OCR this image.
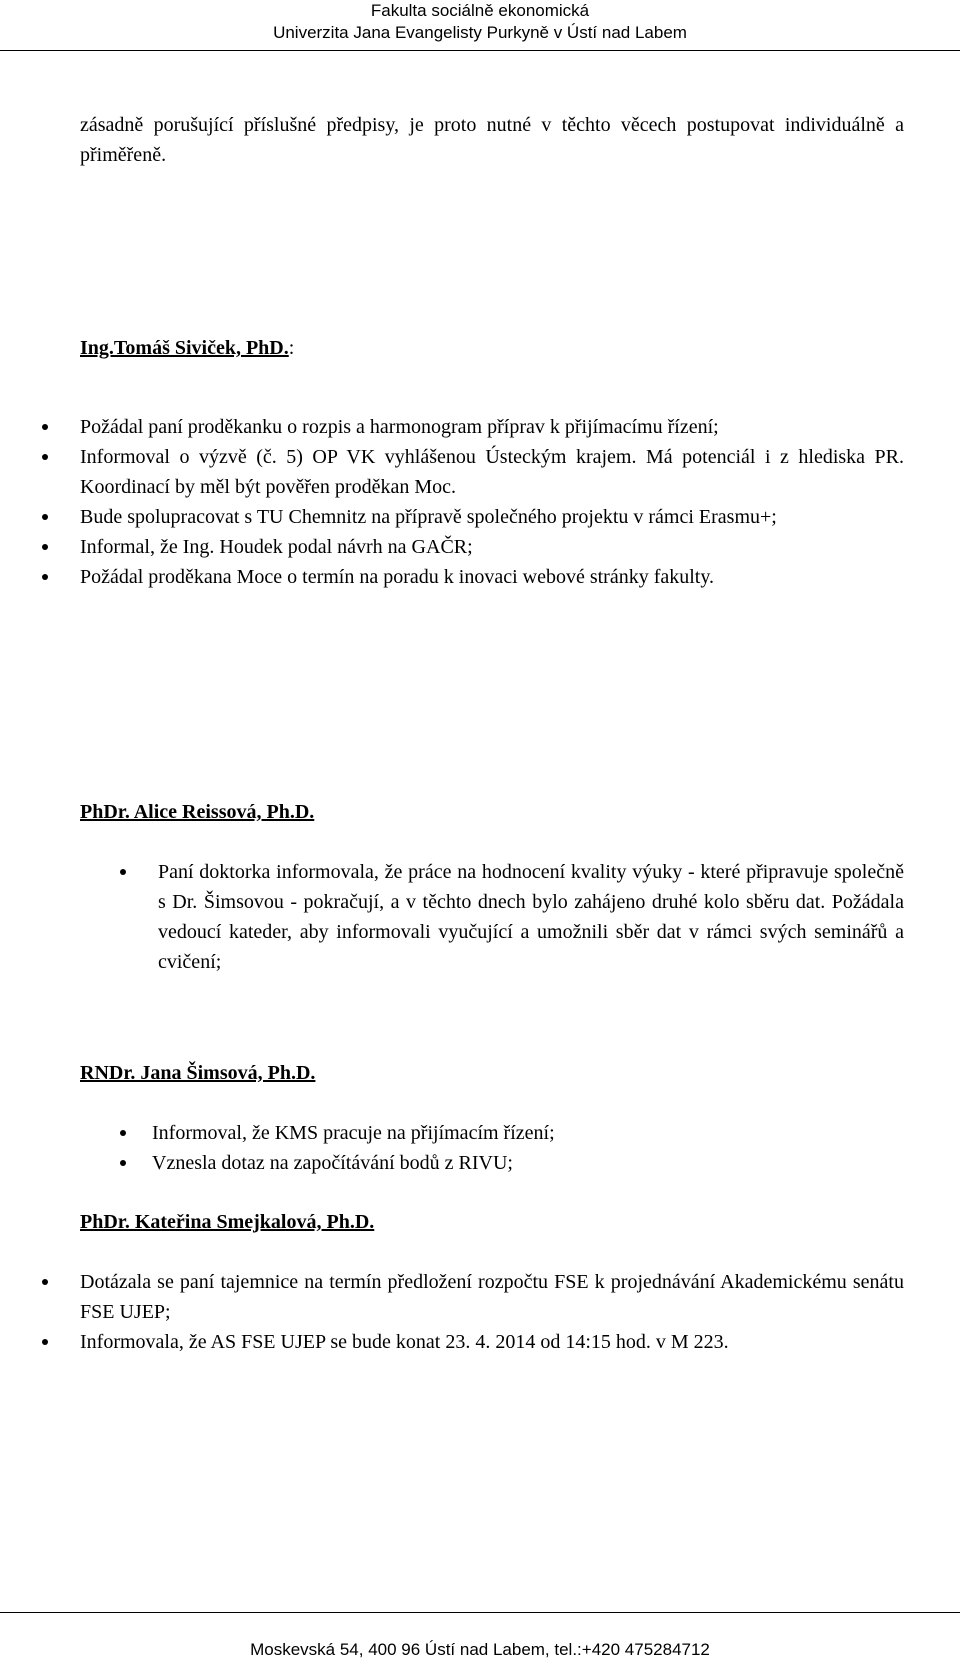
Fakulta sociálně ekonomická
Univerzita Jana Evangelisty Purkyně v Ústí nad Labem
zásadně porušující příslušné předpisy, je proto nutné v těchto věcech postupovat individuálně a přiměřeně.
Ing.Tomáš Siviček, PhD.:
Požádal paní proděkanku o rozpis a harmonogram příprav k přijímacímu řízení;
Informoval o výzvě (č. 5) OP VK vyhlášenou Ústeckým krajem. Má potenciál i z hlediska PR. Koordinací by měl být pověřen proděkan Moc.
Bude spolupracovat s TU Chemnitz na přípravě společného projektu v rámci Erasmu+;
Informal, že Ing. Houdek podal návrh na GAČR;
Požádal proděkana Moce o termín na poradu k inovaci webové stránky fakulty.
PhDr. Alice Reissová, Ph.D.
Paní doktorka informovala, že práce na hodnocení kvality výuky - které připravuje společně s Dr. Šimsovou - pokračují, a v těchto dnech bylo zahájeno druhé kolo sběru dat. Požádala vedoucí kateder, aby informovali vyučující a umožnili sběr dat v rámci svých seminářů a cvičení;
RNDr. Jana Šimsová, Ph.D.
Informoval, že KMS pracuje na přijímacím řízení;
Vznesla dotaz na započítávání bodů z RIVU;
PhDr. Kateřina Smejkalová, Ph.D.
Dotázala se paní tajemnice na termín předložení rozpočtu FSE k projednávání Akademickému senátu FSE UJEP;
Informovala, že AS FSE UJEP se bude konat 23. 4. 2014 od 14:15 hod. v M 223.
Moskevská 54, 400 96 Ústí nad Labem, tel.:+420 475284712
